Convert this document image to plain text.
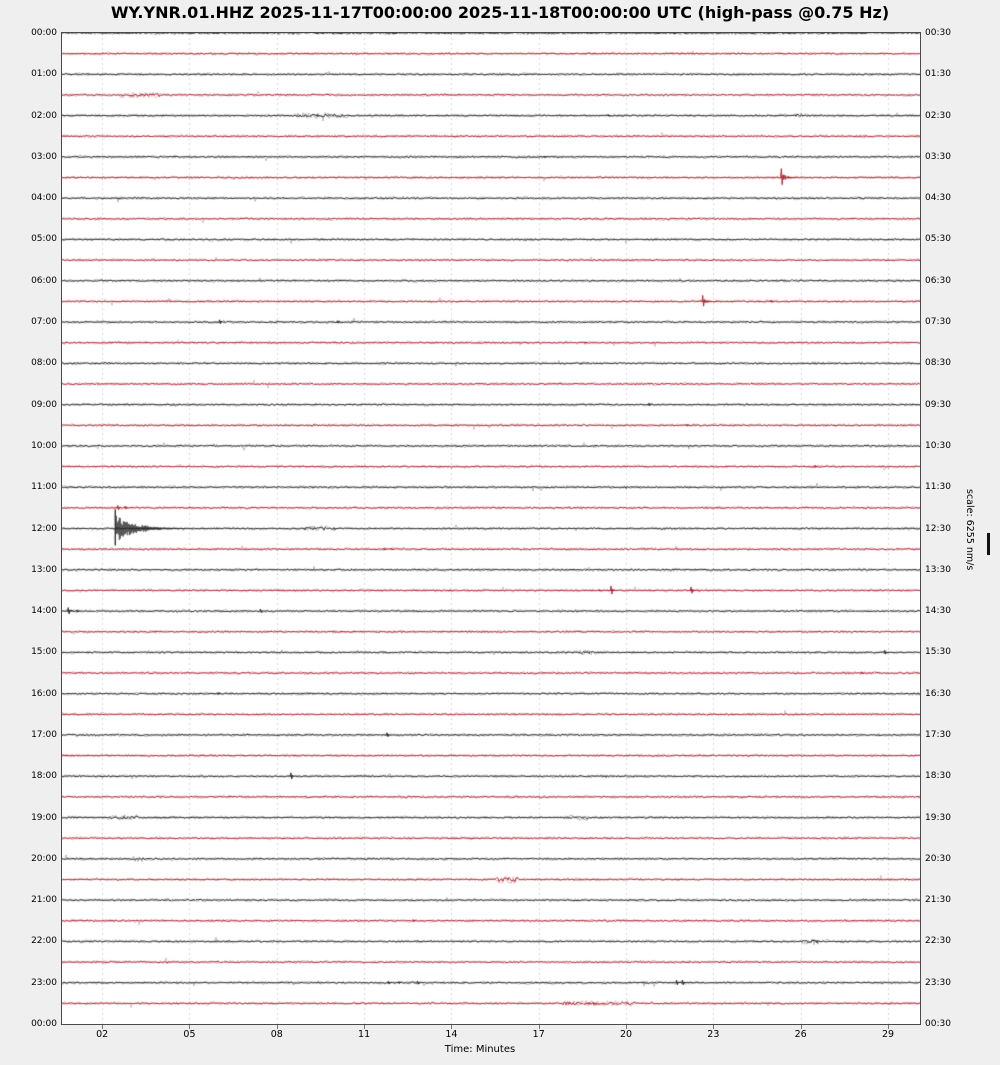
WY.YNR.01.HHZ 2025-11-17T00:00:00 2025-11-18T00:00:00 UTC (high-pass @0.75 Hz)
00:00
01:00
02:00
03:00
04:00
05:00
06:00
07:00
08:00
09:00
10:00
11:00
12:00
13:00
14:00
15:00
16:00
17:00
18:00
19:00
20:00
21:00
22:00
23:00
00:00
00:30
01:30
02:30
03:30
04:30
05:30
06:30
07:30
08:30
09:30
10:30
11:30
12:30
13:30
14:30
15:30
16:30
17:30
18:30
19:30
20:30
21:30
22:30
23:30
00:30
02	05	08	11	14	17	20	23	26	29
Time: Minutes
scale: 6255 nm/s
